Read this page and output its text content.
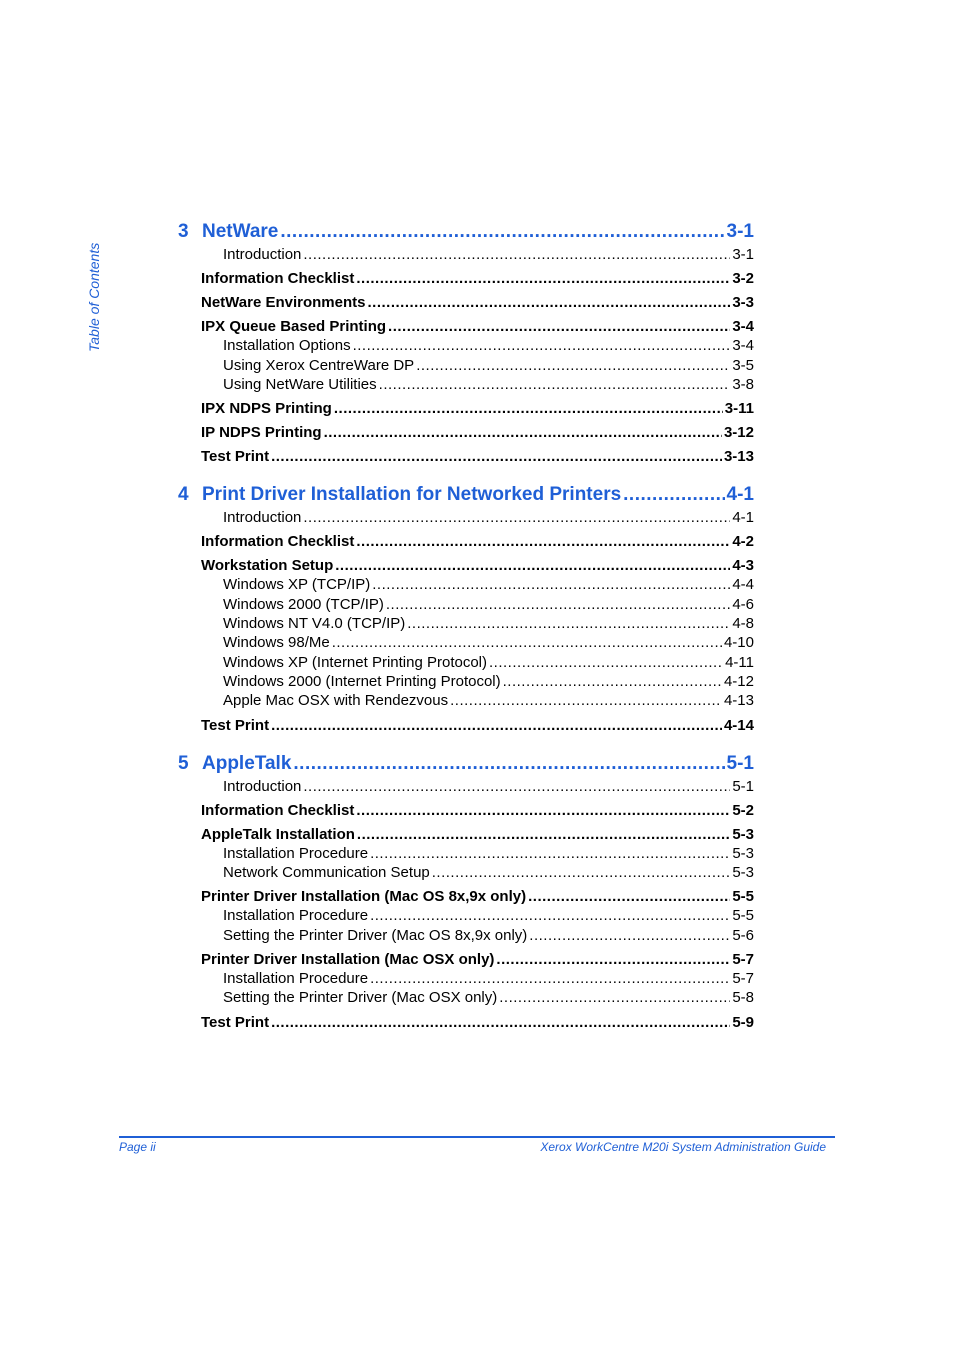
Table of Contents
3 NetWare .....	3-1
Introduction .....	3-1
Information Checklist .....	3-2
NetWare Environments .....	3-3
IPX Queue Based Printing .....	3-4
Installation Options .....	3-4
Using Xerox CentreWare DP .....	3-5
Using NetWare Utilities .....	3-8
IPX NDPS Printing .....	3-11
IP NDPS Printing .....	3-12
Test Print .....	3-13
4 Print Driver Installation for Networked Printers .....	4-1
Introduction .....	4-1
Information Checklist .....	4-2
Workstation Setup .....	4-3
Windows XP (TCP/IP) .....	4-4
Windows 2000 (TCP/IP) .....	4-6
Windows NT V4.0 (TCP/IP) .....	4-8
Windows 98/Me .....	4-10
Windows XP (Internet Printing Protocol) .....	4-11
Windows 2000 (Internet Printing Protocol) .....	4-12
Apple Mac OSX with Rendezvous .....	4-13
Test Print .....	4-14
5 AppleTalk .....	5-1
Introduction .....	5-1
Information Checklist .....	5-2
AppleTalk Installation .....	5-3
Installation Procedure .....	5-3
Network Communication Setup .....	5-3
Printer Driver Installation (Mac OS 8x,9x only) .....	5-5
Installation Procedure .....	5-5
Setting the Printer Driver (Mac OS 8x,9x only) .....	5-6
Printer Driver Installation (Mac OSX only) .....	5-7
Installation Procedure .....	5-7
Setting the Printer Driver (Mac OSX only) .....	5-8
Test Print .....	5-9
Page ii	Xerox WorkCentre M20i System Administration Guide
